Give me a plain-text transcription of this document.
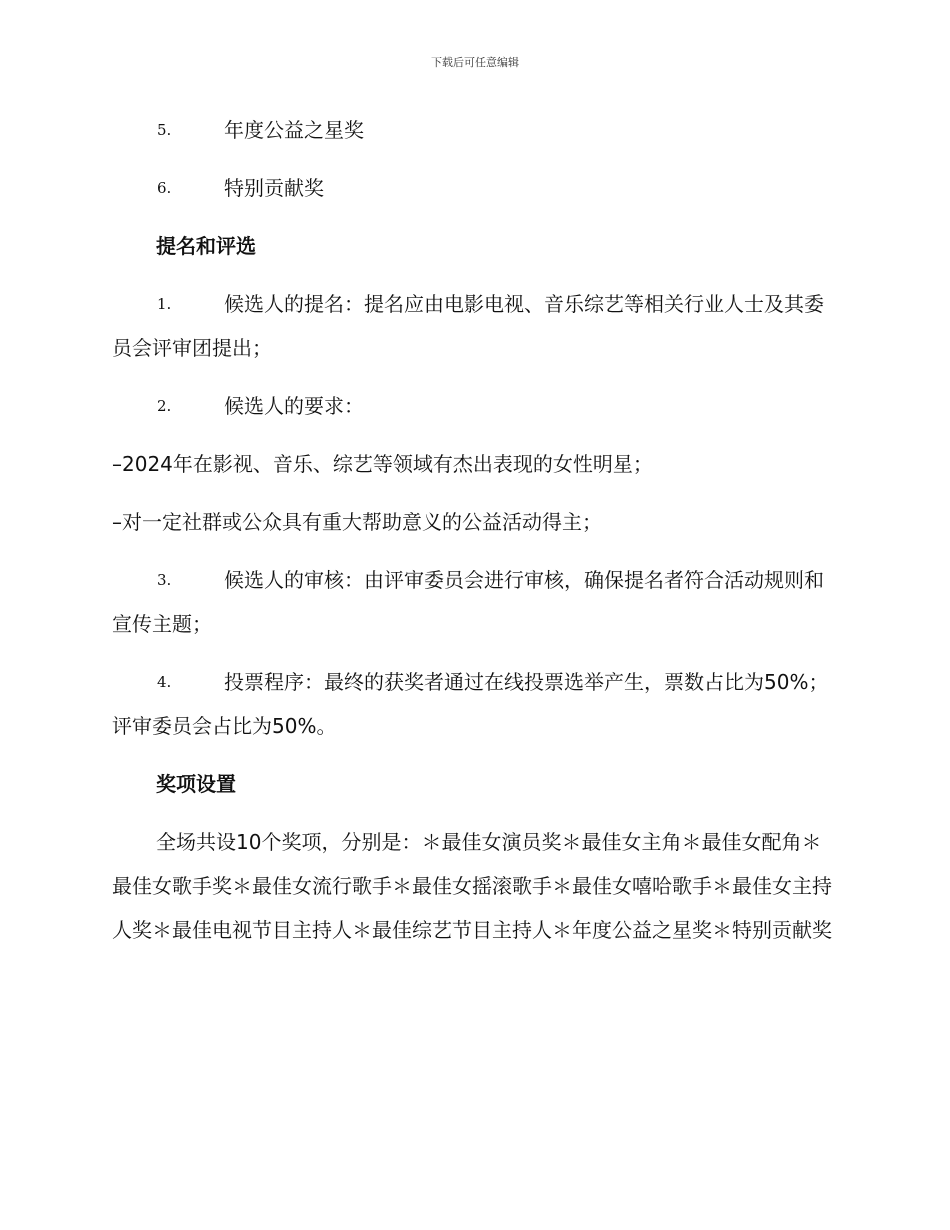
下载后可任意编辑
5.	年度公益之星奖
6.	特别贡献奖
提名和评选

1.	候选人的提名：提名应由电影电视、音乐综艺等相关行业人士及其委员会评审团提出；

2.	候选人的要求：

–2024年在影视、音乐、综艺等领域有杰出表现的女性明星；
–对一定社群或公众具有重大帮助意义的公益活动得主；

3.	候选人的审核：由评审委员会进行审核，确保提名者符合活动规则和宣传主题；

4.	投票程序：最终的获奖者通过在线投票选举产生，票数占比为50%；评审委员会占比为50%。

奖项设置

全场共设10个奖项，分别是：＊最佳女演员奖＊最佳女主角＊最佳女配角＊最佳女歌手奖＊最佳女流行歌手＊最佳女摇滚歌手＊最佳女嘻哈歌手＊最佳女主持人奖＊最佳电视节目主持人＊最佳综艺节目主持人＊年度公益之星奖＊特别贡献奖
